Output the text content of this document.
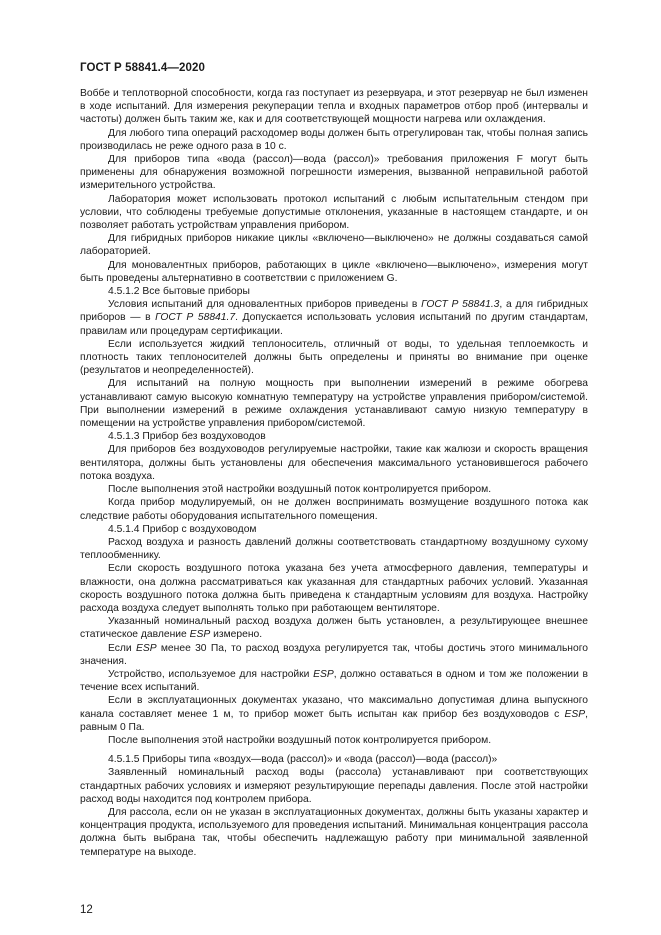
ГОСТ Р 58841.4—2020

Воббе и теплотворной способности, когда газ поступает из резервуара, и этот резервуар не был изменен в ходе испытаний. Для измерения рекуперации тепла и входных параметров отбор проб (интервалы и частоты) должен быть таким же, как и для соответствующей мощности нагрева или охлаждения.

Для любого типа операций расходомер воды должен быть отрегулирован так, чтобы полная запись производилась не реже одного раза в 10 с.

Для приборов типа «вода (рассол)—вода (рассол)» требования приложения F могут быть применены для обнаружения возможной погрешности измерения, вызванной неправильной работой измерительного устройства.

Лаборатория может использовать протокол испытаний с любым испытательным стендом при условии, что соблюдены требуемые допустимые отклонения, указанные в настоящем стандарте, и он позволяет работать устройствам управления прибором.

Для гибридных приборов никакие циклы «включено—выключено» не должны создаваться самой лабораторией.

Для моновалентных приборов, работающих в цикле «включено—выключено», измерения могут быть проведены альтернативно в соответствии с приложением G.

4.5.1.2 Все бытовые приборы

Условия испытаний для одновалентных приборов приведены в ГОСТ Р 58841.3, а для гибридных приборов — в ГОСТ Р 58841.7. Допускается использовать условия испытаний по другим стандартам, правилам или процедурам сертификации.

Если используется жидкий теплоноситель, отличный от воды, то удельная теплоемкость и плотность таких теплоносителей должны быть определены и приняты во внимание при оценке (результатов и неопределенностей).

Для испытаний на полную мощность при выполнении измерений в режиме обогрева устанавливают самую высокую комнатную температуру на устройстве управления прибором/системой. При выполнении измерений в режиме охлаждения устанавливают самую низкую температуру в помещении на устройстве управления прибором/системой.

4.5.1.3 Прибор без воздуховодов

Для приборов без воздуховодов регулируемые настройки, такие как жалюзи и скорость вращения вентилятора, должны быть установлены для обеспечения максимального установившегося рабочего потока воздуха.

После выполнения этой настройки воздушный поток контролируется прибором.

Когда прибор модулируемый, он не должен воспринимать возмущение воздушного потока как следствие работы оборудования испытательного помещения.

4.5.1.4 Прибор с воздуховодом

Расход воздуха и разность давлений должны соответствовать стандартному воздушному сухому теплообменнику.

Если скорость воздушного потока указана без учета атмосферного давления, температуры и влажности, она должна рассматриваться как указанная для стандартных рабочих условий. Указанная скорость воздушного потока должна быть приведена к стандартным условиям для воздуха. Настройку расхода воздуха следует выполнять только при работающем вентиляторе.

Указанный номинальный расход воздуха должен быть установлен, а результирующее внешнее статическое давление ESP измерено.

Если ESP менее 30 Па, то расход воздуха регулируется так, чтобы достичь этого минимального значения.

Устройство, используемое для настройки ESP, должно оставаться в одном и том же положении в течение всех испытаний.

Если в эксплуатационных документах указано, что максимально допустимая длина выпускного канала составляет менее 1 м, то прибор может быть испытан как прибор без воздуховодов с ESP, равным 0 Па.

После выполнения этой настройки воздушный поток контролируется прибором.

4.5.1.5 Приборы типа «воздух—вода (рассол)» и «вода (рассол)—вода (рассол)»

Заявленный номинальный расход воды (рассола) устанавливают при соответствующих стандартных рабочих условиях и измеряют результирующие перепады давления. После этой настройки расход воды находится под контролем прибора.

Для рассола, если он не указан в эксплуатационных документах, должны быть указаны характер и концентрация продукта, используемого для проведения испытаний. Минимальная концентрация рассола должна быть выбрана так, чтобы обеспечить надлежащую работу при минимальной заявленной температуре на выходе.

12
